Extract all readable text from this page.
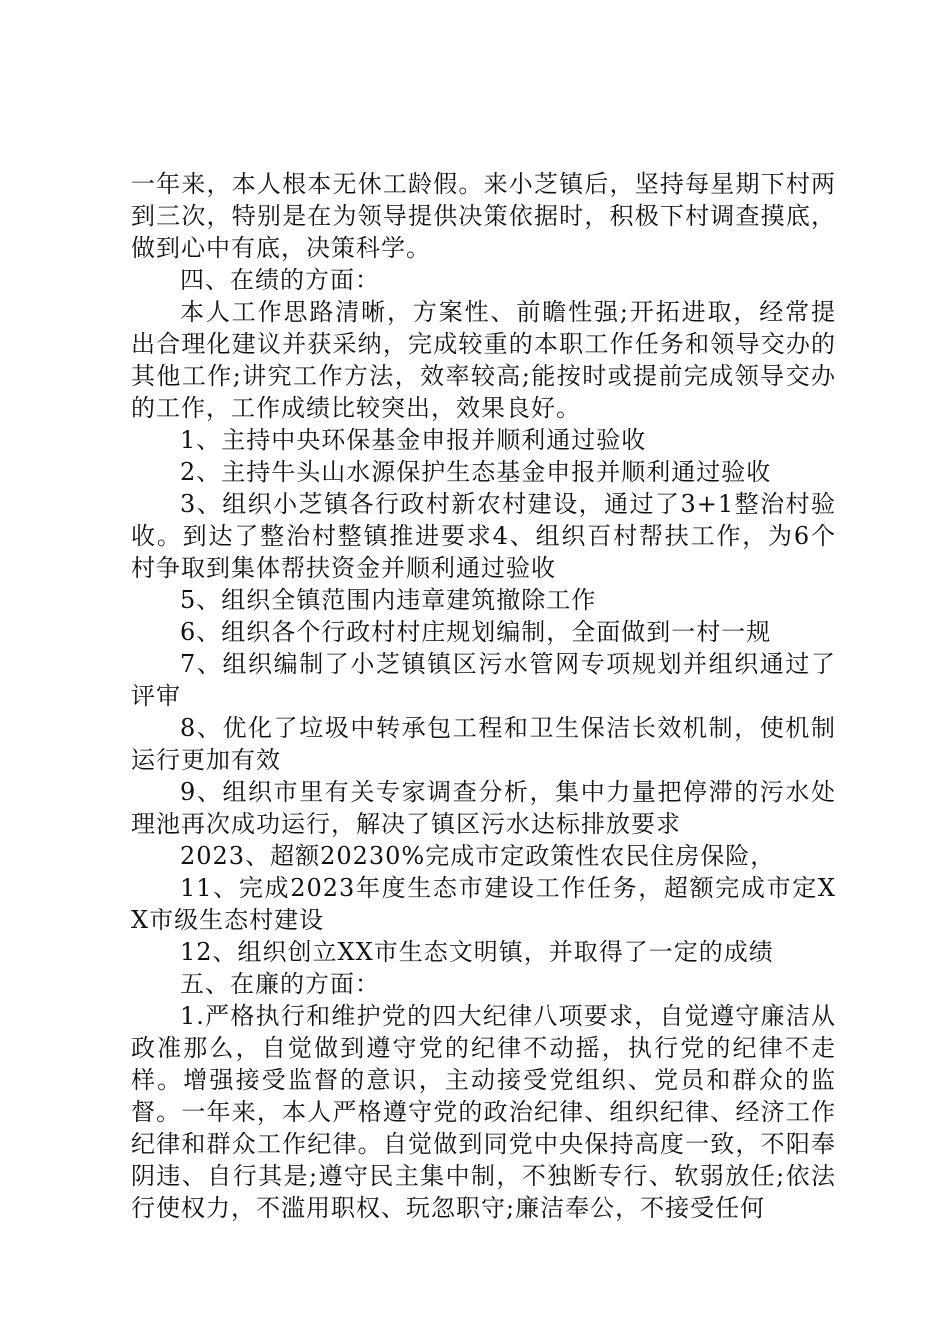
一年来，本人根本无休工龄假。来小芝镇后，坚持每星期下村两到三次，特别是在为领导提供决策依据时，积极下村调查摸底，做到心中有底，决策科学。

四、在绩的方面：

本人工作思路清晰，方案性、前瞻性强;开拓进取，经常提出合理化建议并获采纳，完成较重的本职工作任务和领导交办的其他工作;讲究工作方法，效率较高;能按时或提前完成领导交办的工作，工作成绩比较突出，效果良好。

1、主持中央环保基金申报并顺利通过验收

2、主持牛头山水源保护生态基金申报并顺利通过验收

3、组织小芝镇各行政村新农村建设，通过了3+1整治村验收。到达了整治村整镇推进要求4、组织百村帮扶工作，为6个村争取到集体帮扶资金并顺利通过验收

5、组织全镇范围内违章建筑撤除工作

6、组织各个行政村村庄规划编制，全面做到一村一规

7、组织编制了小芝镇镇区污水管网专项规划并组织通过了评审

8、优化了垃圾中转承包工程和卫生保洁长效机制，使机制运行更加有效

9、组织市里有关专家调查分析，集中力量把停滞的污水处理池再次成功运行，解决了镇区污水达标排放要求

2023、超额20230%完成市定政策性农民住房保险，

11、完成2023年度生态市建设工作任务，超额完成市定XX市级生态村建设

12、组织创立XX市生态文明镇，并取得了一定的成绩

五、在廉的方面：

1.严格执行和维护党的四大纪律八项要求，自觉遵守廉洁从政准那么，自觉做到遵守党的纪律不动摇，执行党的纪律不走样。增强接受监督的意识，主动接受党组织、党员和群众的监督。一年来，本人严格遵守党的政治纪律、组织纪律、经济工作纪律和群众工作纪律。自觉做到同党中央保持高度一致，不阳奉阴违、自行其是;遵守民主集中制，不独断专行、软弱放任;依法行使权力，不滥用职权、玩忽职守;廉洁奉公，不接受任何
